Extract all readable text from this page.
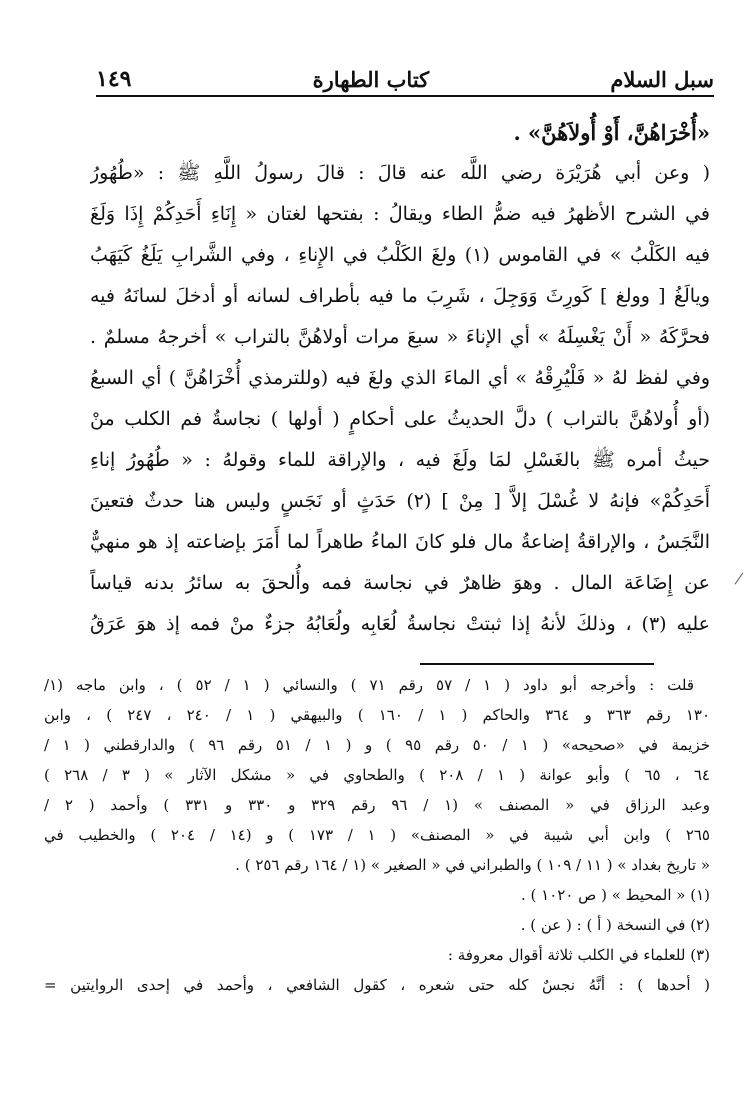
سبل السلام
كتاب الطهارة
١٤٩
«أُخْرَاهُنَّ، أَوْ أُولاَهُنَّ» .
( وعن أبي هُرَيْرَة رضي اللَّه عنه قالَ : قالَ رسولُ اللَّهِ ﷺ : «طُهُورُ
في الشرح الأظهرُ فيه ضمُّ الطاء ويقالُ : بفتحها لغتان « إِنَاءِ أَحَدِكُمْ إِذَا وَلَغَ
فيه الكَلْبُ » في القاموس (١) ولغَ الكَلْبُ في الإِناءِ ، وفي الشَّرابِ يَلَغُ كَيَهَبُ
ويالَغُ [ وولغ ] كَورِثَ وَوَجِلَ ، شَرِبَ ما فيه بأطراف لسانه أو أدخلَ لسانَهُ فيه
فحرَّكَهُ « أَنْ يَغْسِلَهُ » أي الإناءَ « سبعَ مرات أولاهُنَّ بالتراب » أخرجهُ مسلمٌ .
وفي لفظ لهُ « فَلْيُرِقْهُ » أي الماءَ الذي ولغَ فيه (وللترمذي أُخْرَاهُنَّ ) أي السبعُ
(أو أُولاهُنَّ بالتراب ) دلَّ الحديثُ على أحكامٍ ( أولها ) نجاسةُ فم الكلب منْ
حيثُ أمره ﷺ بالغَسْلِ لمَا ولَغَ فيه ، والإراقة للماء وقولهُ : « طُهُورُ إناءِ
أَحَدِكُمْ» فإنهُ لا غُسْلَ إلاَّ [ مِنْ ] (٢) حَدَثٍ أو نَجَسٍ وليس هنا حدثٌ فتعينَ
النَّجَسُ ، والإراقةُ إضاعةُ مال فلو كانَ الماءُ طاهراً لما أَمَرَ بإضاعته إذ هو منهيٌّ
عن إِضَاعَة المال . وهوَ ظاهرٌ في نجاسة فمه وأُلحقَ به سائرُ بدنه قياساً
عليه (٣) ، وذلكَ لأنهُ إذا ثبتتْ نجاسةُ لُعَابِه ولُعَابُهُ جزءٌ منْ فمه إذ هوَ عَرَقُ
قلت : وأخرجه أبو داود ( ١ / ٥٧ رقم ٧١ ) والنسائي ( ١ / ٥٢ ) ، وابن ماجه (١/
١٣٠ رقم ٣٦٣ و ٣٦٤ والحاكم ( ١ / ١٦٠ ) والبيهقي ( ١ / ٢٤٠ ، ٢٤٧ ) ، وابن
خزيمة في «صحيحه» ( ١ / ٥٠ رقم ٩٥ ) و ( ١ / ٥١ رقم ٩٦ ) والدارقطني ( ١ /
٦٤ ، ٦٥ ) وأبو عوانة ( ١ / ٢٠٨ ) والطحاوي في « مشكل الآثار » ( ٣ / ٢٦٨ )
وعبد الرزاق في « المصنف » (١ / ٩٦ رقم ٣٢٩ و ٣٣٠ و ٣٣١ ) وأحمد ( ٢ /
٢٦٥ ) وابن أبي شيبة في « المصنف» ( ١ / ١٧٣ ) و (١٤ / ٢٠٤ ) والخطيب في
« تاريخ بغداد » ( ١١ / ١٠٩ ) والطبراني في « الصغير » (١ / ١٦٤ رقم ٢٥٦ ) .
(١) « المحيط » ( ص ١٠٢٠ ) .
(٢) في النسخة ( أ ) : ( عن ) .
(٣) للعلماء في الكلب ثلاثة أقوال معروفة :
( أحدها ) : أنَّهُ نجسٌ كله حتى شعره ، كقول الشافعي ، وأحمد في إحدى الروايتين =
